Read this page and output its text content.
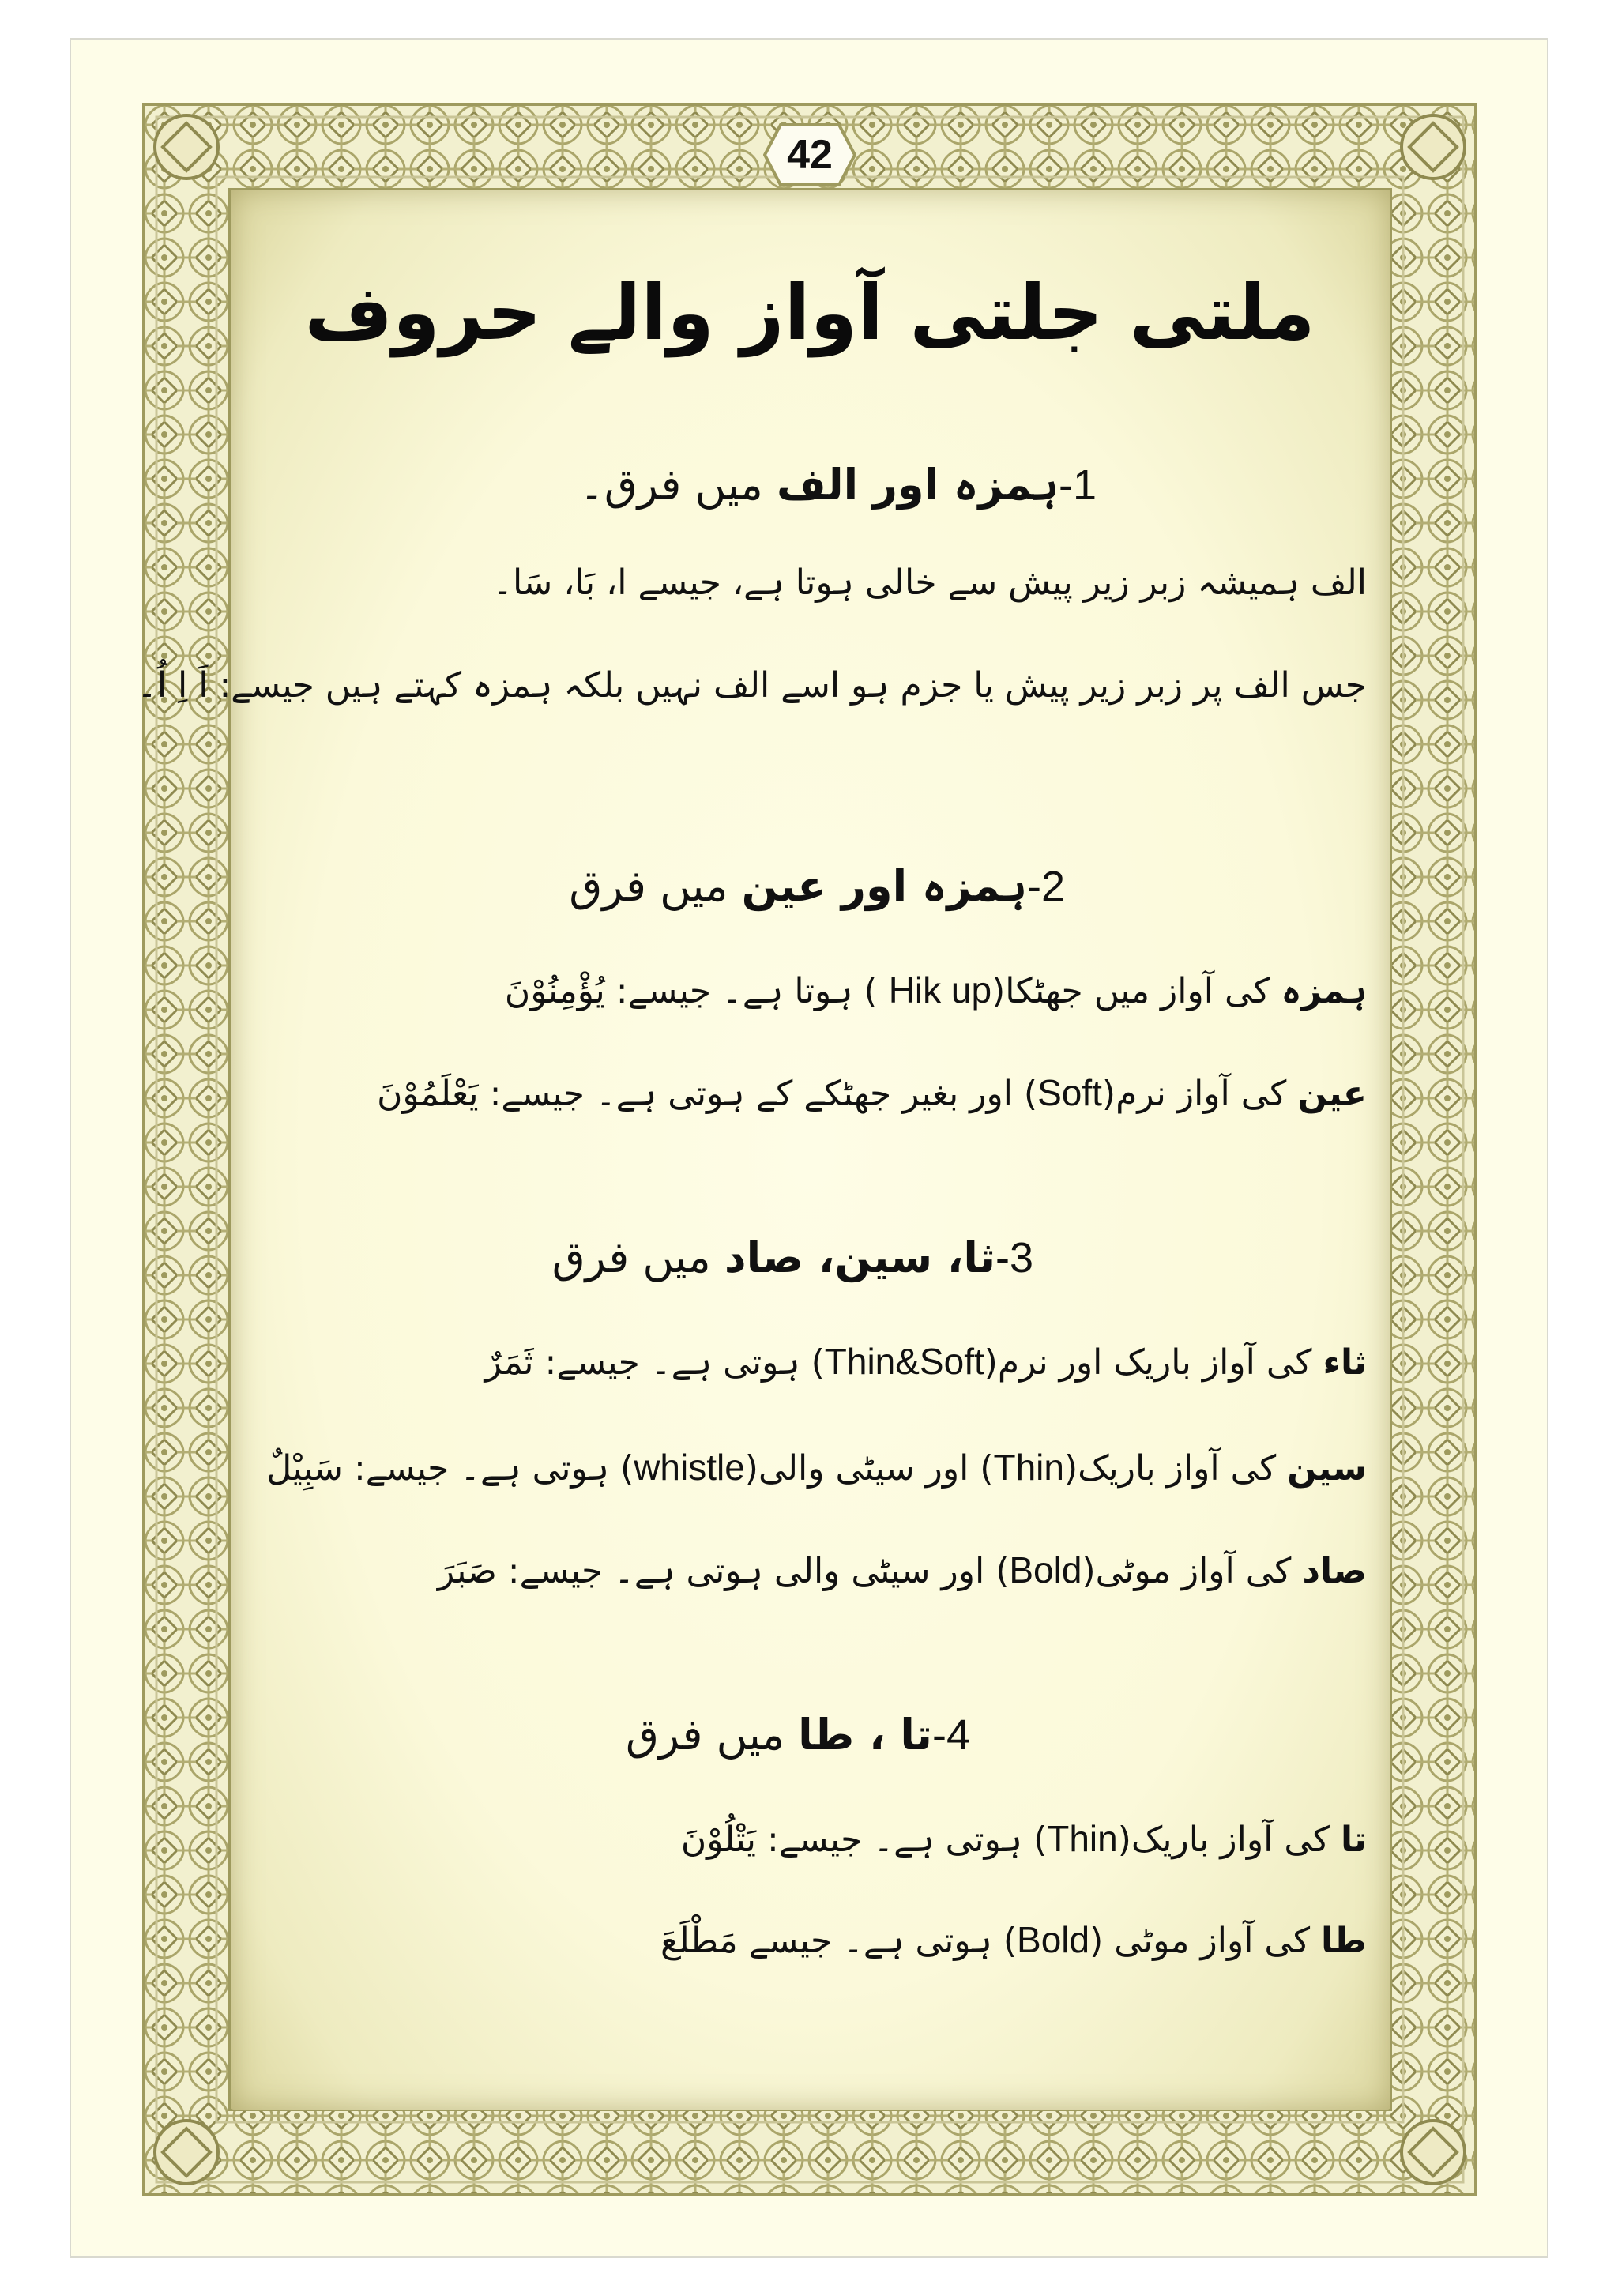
42
ملتی جلتی آواز والے حروف
1-ہمزہ اور الف میں فرق۔
الف ہمیشہ زبر زیر پیش سے خالی ہوتا ہے، جیسے ا، بَا، سَا۔
جس الف پر زبر زیر پیش یا جزم ہو اسے الف نہیں بلکہ ہمزہ کہتے ہیں جیسے: اَ اِ اُ۔
2-ہمزہ اور عین میں فرق
ہمزہ کی آواز میں جھٹکا(Hik up ) ہوتا ہے۔ جیسے: یُؤْمِنُوْنَ
عین کی آواز نرم(Soft) اور بغیر جھٹکے کے ہوتی ہے۔ جیسے: یَعْلَمُوْنَ
3-ثا، سین، صاد میں فرق
ثاء کی آواز باریک اور نرم(Thin&Soft) ہوتی ہے۔ جیسے: ثَمَرٌ
سین کی آواز باریک(Thin) اور سیٹی والی(whistle) ہوتی ہے۔ جیسے: سَبِیْلٌ
صاد کی آواز موٹی(Bold) اور سیٹی والی ہوتی ہے۔ جیسے: صَبَرَ
4-تا ، طا میں فرق
تا کی آواز باریک(Thin) ہوتی ہے۔ جیسے: یَتْلُوْنَ
طا کی آواز موٹی (Bold) ہوتی ہے۔ جیسے مَطْلَعَ
